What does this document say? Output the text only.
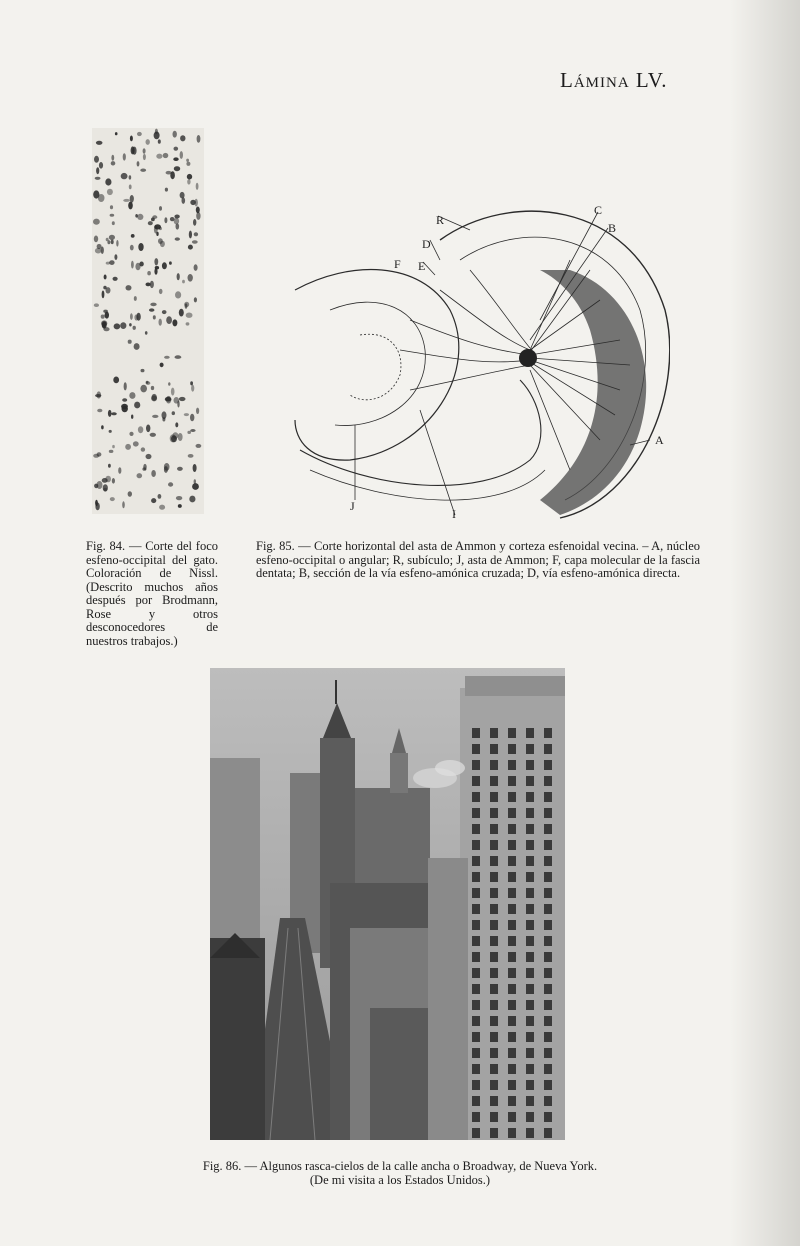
Lámina LV.
Fig. 84. — Corte del foco esfeno-occipital del gato. Coloración de Nissl. (Descrito muchos años después por Brodmann, Rose y otros desconocedores de nuestros trabajos.)
R
D
E
F
C
B
A
J
I
Fig. 85. — Corte horizontal del asta de Ammon y corteza esfenoidal vecina. – A, núcleo esfeno-occipital o angular; R, subículo; J, asta de Ammon; F, capa molecular de la fascia dentata; B, sección de la vía esfeno-amónica cruzada; D, vía esfeno-amónica directa.
Fig. 86. — Algunos rasca-cielos de la calle ancha o Broadway, de Nueva York.
(De mi visita a los Estados Unidos.)
